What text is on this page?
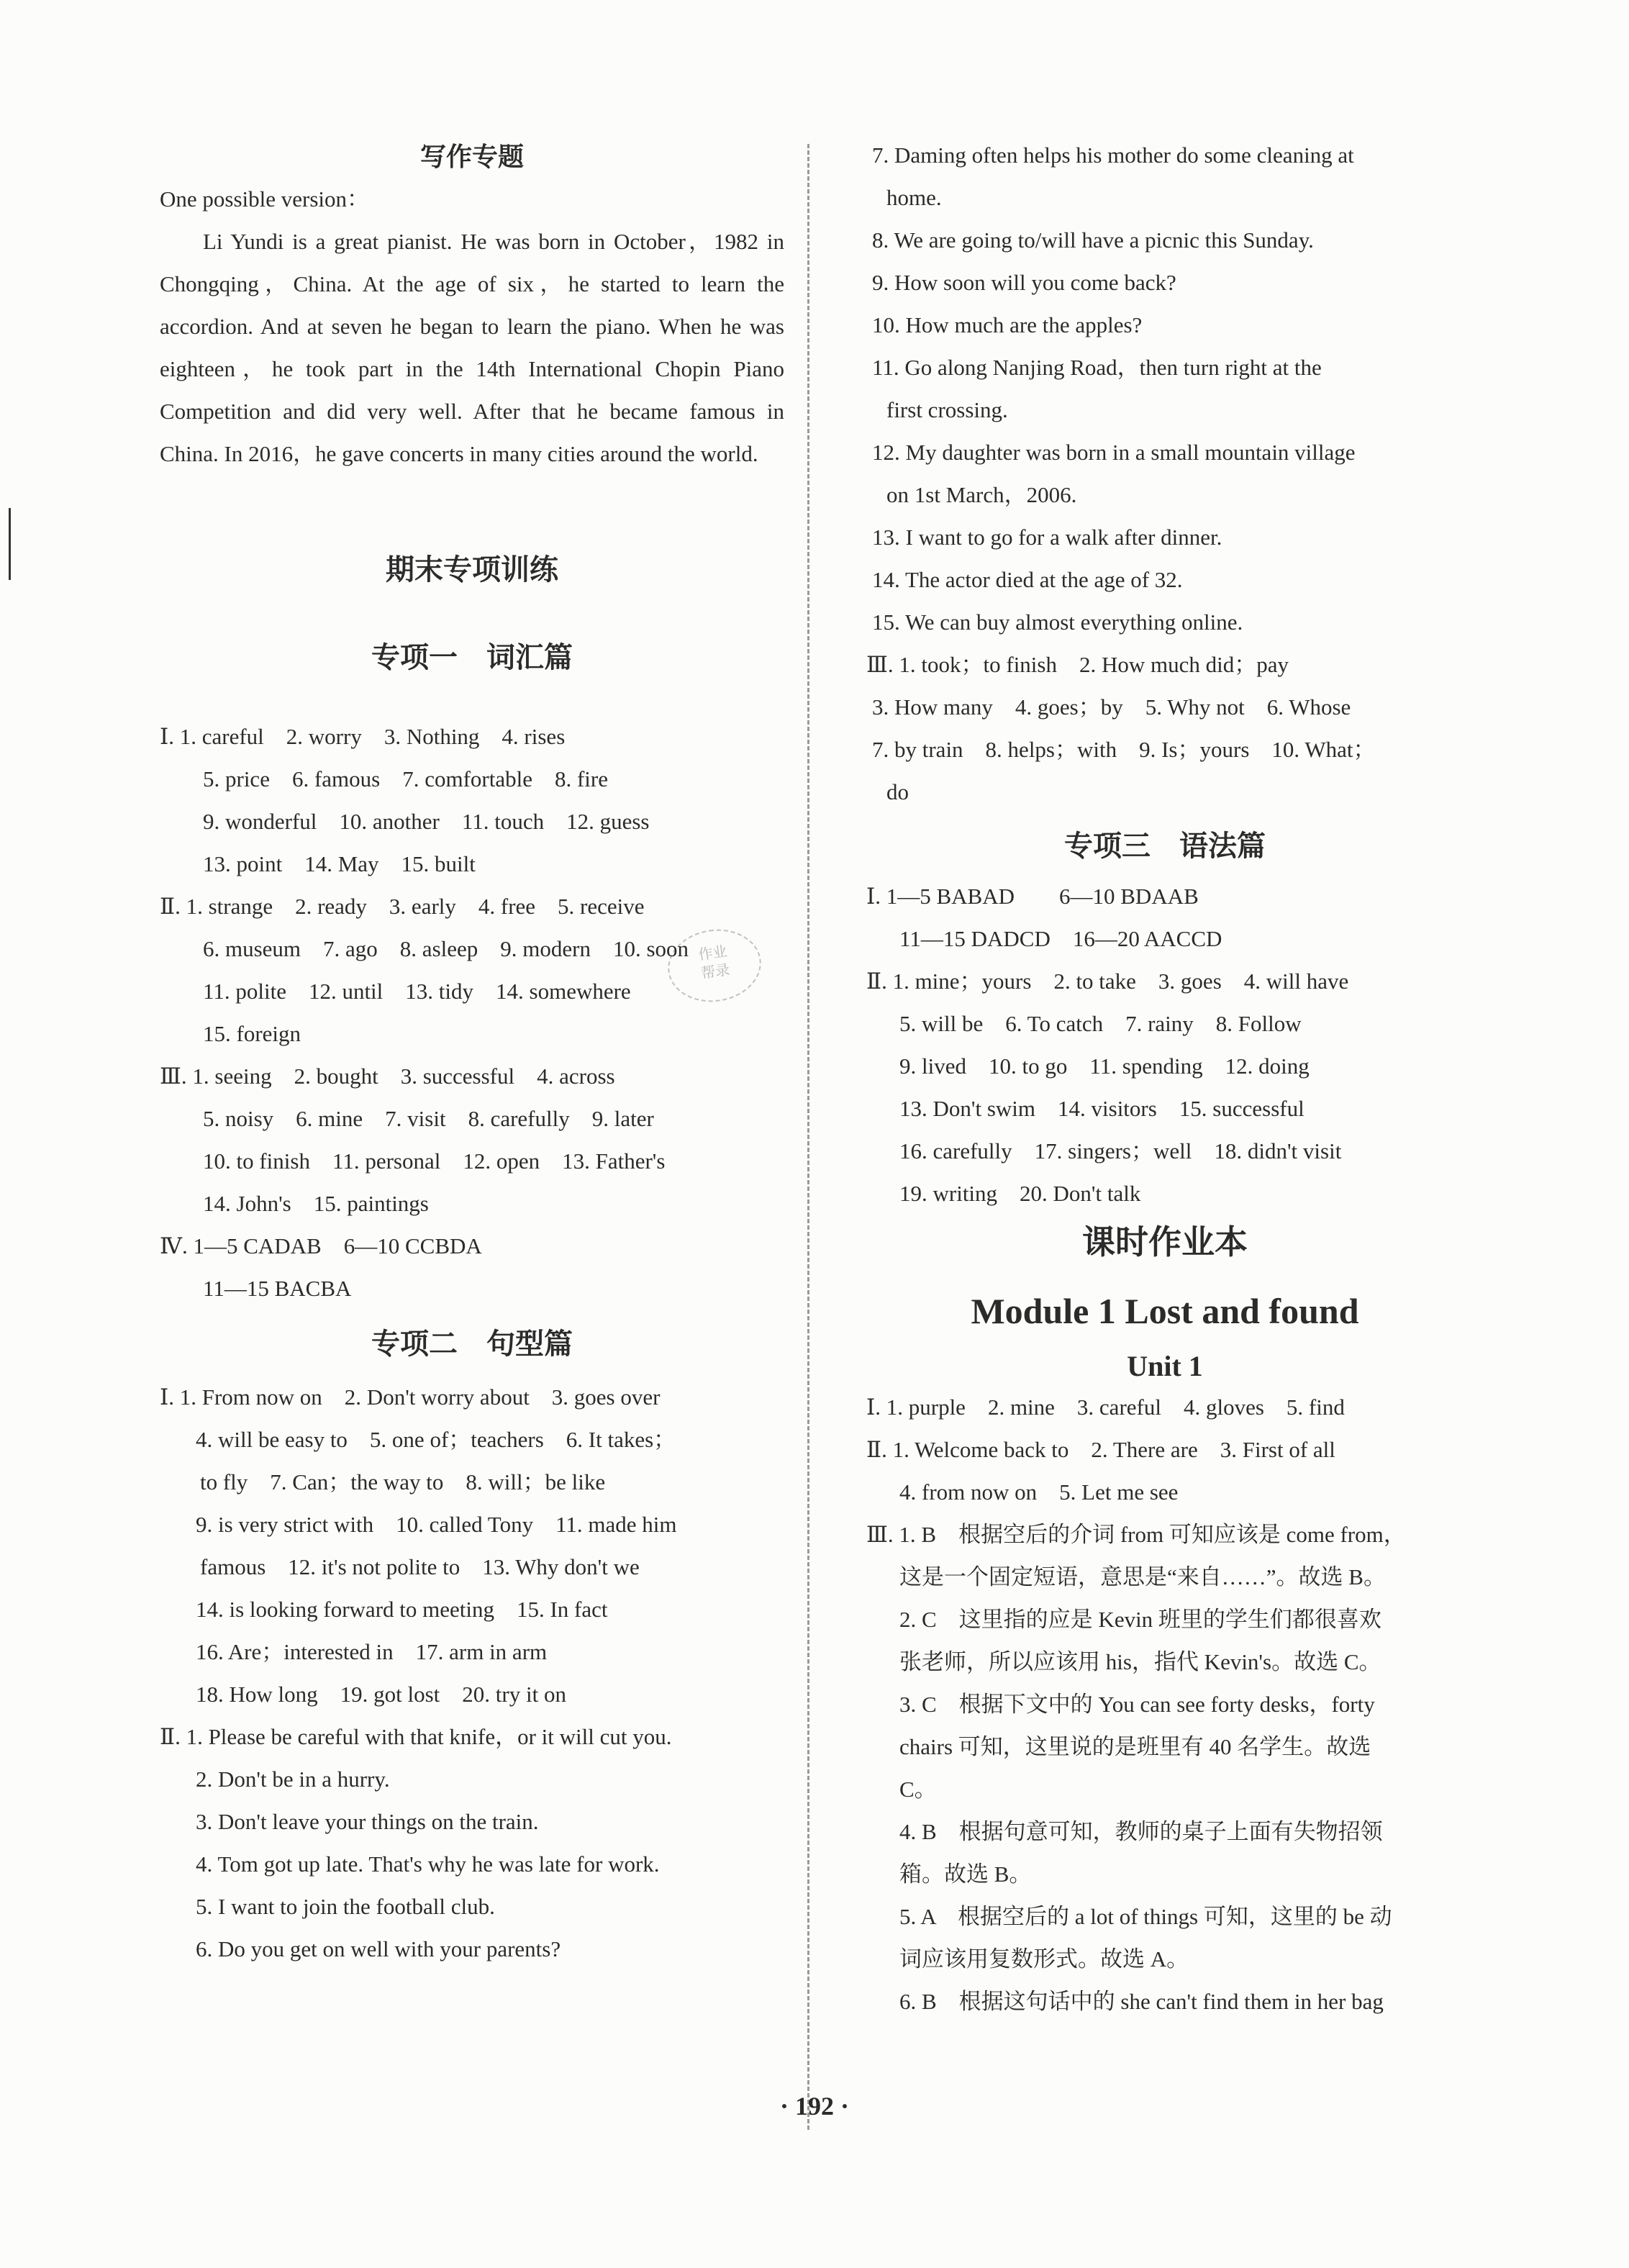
作业
帮录
写作专题

One possible version：

Li Yundi is a great pianist. He was born in October，1982 in Chongqing，China. At the age of six，he started to learn the accordion. And at seven he began to learn the piano. When he was eighteen，he took part in the 14th International Chopin Piano Competition and did very well. After that he became famous in China. In 2016，he gave concerts in many cities around the world.

期末专项训练
专项一　词汇篇
Ⅰ. 1. careful　2. worry　3. Nothing　4. rises
5. price　6. famous　7. comfortable　8. fire
9. wonderful　10. another　11. touch　12. guess
13. point　14. May　15. built
Ⅱ. 1. strange　2. ready　3. early　4. free　5. receive
6. museum　7. ago　8. asleep　9. modern　10. soon
11. polite　12. until　13. tidy　14. somewhere
15. foreign
Ⅲ. 1. seeing　2. bought　3. successful　4. across
5. noisy　6. mine　7. visit　8. carefully　9. later
10. to finish　11. personal　12. open　13. Father's
14. John's　15. paintings
Ⅳ. 1—5 CADAB　6—10 CCBDA
11—15 BACBA
专项二　句型篇
Ⅰ. 1. From now on　2. Don't worry about　3. goes over
4. will be easy to　5. one of；teachers　6. It takes；
to fly　7. Can；the way to　8. will；be like
9. is very strict with　10. called Tony　11. made him
famous　12. it's not polite to　13. Why don't we
14. is looking forward to meeting　15. In fact
16. Are；interested in　17. arm in arm
18. How long　19. got lost　20. try it on
Ⅱ. 1. Please be careful with that knife，or it will cut you.
2. Don't be in a hurry.
3. Don't leave your things on the train.
4. Tom got up late. That's why he was late for work.
5. I want to join the football club.
6. Do you get on well with your parents?
7. Daming often helps his mother do some cleaning at
home.
8. We are going to/will have a picnic this Sunday.
9. How soon will you come back?
10. How much are the apples?
11. Go along Nanjing Road，then turn right at the
first crossing.
12. My daughter was born in a small mountain village
on 1st March，2006.
13. I want to go for a walk after dinner.
14. The actor died at the age of 32.
15. We can buy almost everything online.
Ⅲ. 1. took；to finish　2. How much did；pay
3. How many　4. goes；by　5. Why not　6. Whose
7. by train　8. helps；with　9. Is；yours　10. What；
do
专项三　语法篇
Ⅰ. 1—5 BABAD　　6—10 BDAAB
11—15 DADCD　16—20 AACCD
Ⅱ. 1. mine；yours　2. to take　3. goes　4. will have
5. will be　6. To catch　7. rainy　8. Follow
9. lived　10. to go　11. spending　12. doing
13. Don't swim　14. visitors　15. successful
16. carefully　17. singers；well　18. didn't visit
19. writing　20. Don't talk
课时作业本
Module 1 Lost and found
Unit 1
Ⅰ. 1. purple　2. mine　3. careful　4. gloves　5. find
Ⅱ. 1. Welcome back to　2. There are　3. First of all
4. from now on　5. Let me see
Ⅲ. 1. B　根据空后的介词 from 可知应该是 come from，
这是一个固定短语，意思是“来自……”。故选 B。
2. C　这里指的应是 Kevin 班里的学生们都很喜欢
张老师，所以应该用 his，指代 Kevin's。故选 C。
3. C　根据下文中的 You can see forty desks，forty
chairs 可知，这里说的是班里有 40 名学生。故选
C。
4. B　根据句意可知，教师的桌子上面有失物招领
箱。故选 B。
5. A　根据空后的 a lot of things 可知，这里的 be 动
词应该用复数形式。故选 A。
6. B　根据这句话中的 she can't find them in her bag
· 192 ·
